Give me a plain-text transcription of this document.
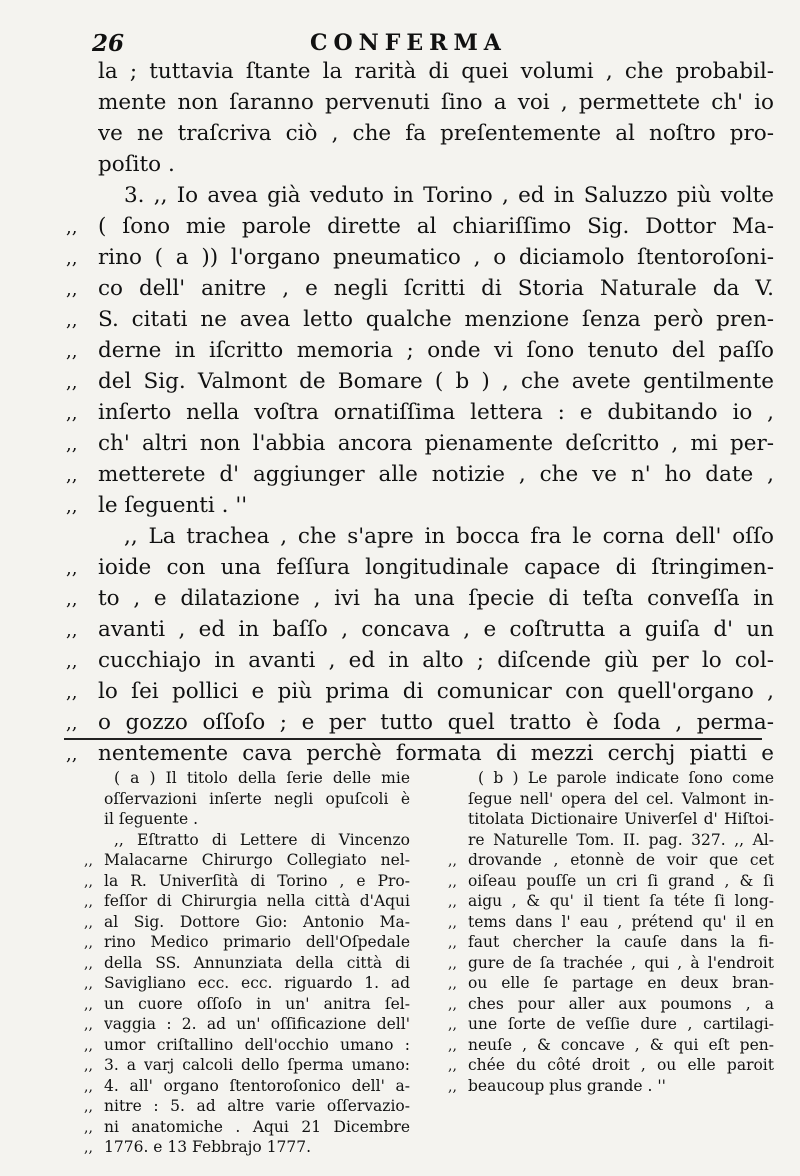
26	CONFERMA
la ; tuttavia ſtante la rarità di quei volumi , che probabil-
mente non ſaranno pervenuti ſino a voi , permettete ch' io
ve ne traſcriva ciò , che fa preſentemente al noſtro pro-
poſito .
3. ,, Io avea già veduto in Torino , ed in Saluzzo più volte
,, ( ſono mie parole dirette al chiariſſimo Sig. Dottor Ma-
,, rino ( a )) l'organo pneumatico , o diciamolo ſtentoroſoni-
,, co dell' anitre , e negli ſcritti di Storia Naturale da V.
,, S. citati ne avea letto qualche menzione ſenza però pren-
,, derne in iſcritto memoria ; onde vi ſono tenuto del paſſo
,, del Sig. Valmont de Bomare ( b ) , che avete gentilmente
,, inſerto nella voſtra ornatiſſima lettera : e dubitando io ,
,, ch' altri non l'abbia ancora pienamente deſcritto , mi per-
,, metterete d' aggiunger alle notizie , che ve n' ho date ,
,, le ſeguenti . ''
,, La trachea , che s'apre in bocca fra le corna dell' oſſo
,, ioide con una feſſura longitudinale capace di ſtringimen-
,, to , e dilatazione , ivi ha una ſpecie di teſta conveſſa in
,, avanti , ed in baſſo , concava , e coſtrutta a guiſa d' un
,, cucchiajo in avanti , ed in alto ; diſcende giù per lo col-
,, lo ſei pollici e più prima di comunicar con quell'organo ,
,, o gozzo oſſoſo ; e per tutto quel tratto è ſoda , perma-
,, nentemente cava perchè formata di mezzi cerchj piatti e
( a ) Il titolo della ſerie delle mie
oſſervazioni inſerte negli opuſcoli è
il ſeguente .
,, Eſtratto di Lettere di Vincenzo
,, Malacarne Chirurgo Collegiato nel-
,, la R. Univerſità di Torino , e Pro-
,, feſſor di Chirurgia nella città d'Aqui
,, al Sig. Dottore Gio: Antonio Ma-
,, rino Medico primario dell'Oſpedale
,, della SS. Annunziata della città di
,, Savigliano ecc. ecc. riguardo 1. ad
,, un cuore oſſoſo in un' anitra ſel-
,, vaggia : 2. ad un' oſſificazione dell'
,, umor criſtallino dell'occhio umano :
,, 3. a varj calcoli dello ſperma umano:
,, 4. all' organo ſtentoroſonico dell' a-
,, nitre : 5. ad altre varie oſſervazio-
,, ni anatomiche . Aqui 21 Dicembre
,, 1776. e 13 Febbrajo 1777.
( b ) Le parole indicate ſono come
ſegue nell' opera del cel. Valmont in-
titolata Dictionaire Univerſel d' Hiſtoi-
re Naturelle Tom. II. pag. 327. ,, Al-
,, drovande , etonnè de voir que cet
,, oiſeau pouſſe un cri ſi grand , & ſi
,, aigu , & qu' il tient ſa téte ſi long-
,, tems dans l' eau , prétend qu' il en
,, faut chercher la cauſe dans la fi-
,, gure de ſa trachée , qui , à l'endroit
,, ou elle ſe partage en deux bran-
,, ches pour aller aux poumons , a
,, une ſorte de veſſie dure , cartilagi-
,, neuſe , & concave , & qui eſt pen-
,, chée du côté droit , ou elle paroit
,, beaucoup plus grande . ''
